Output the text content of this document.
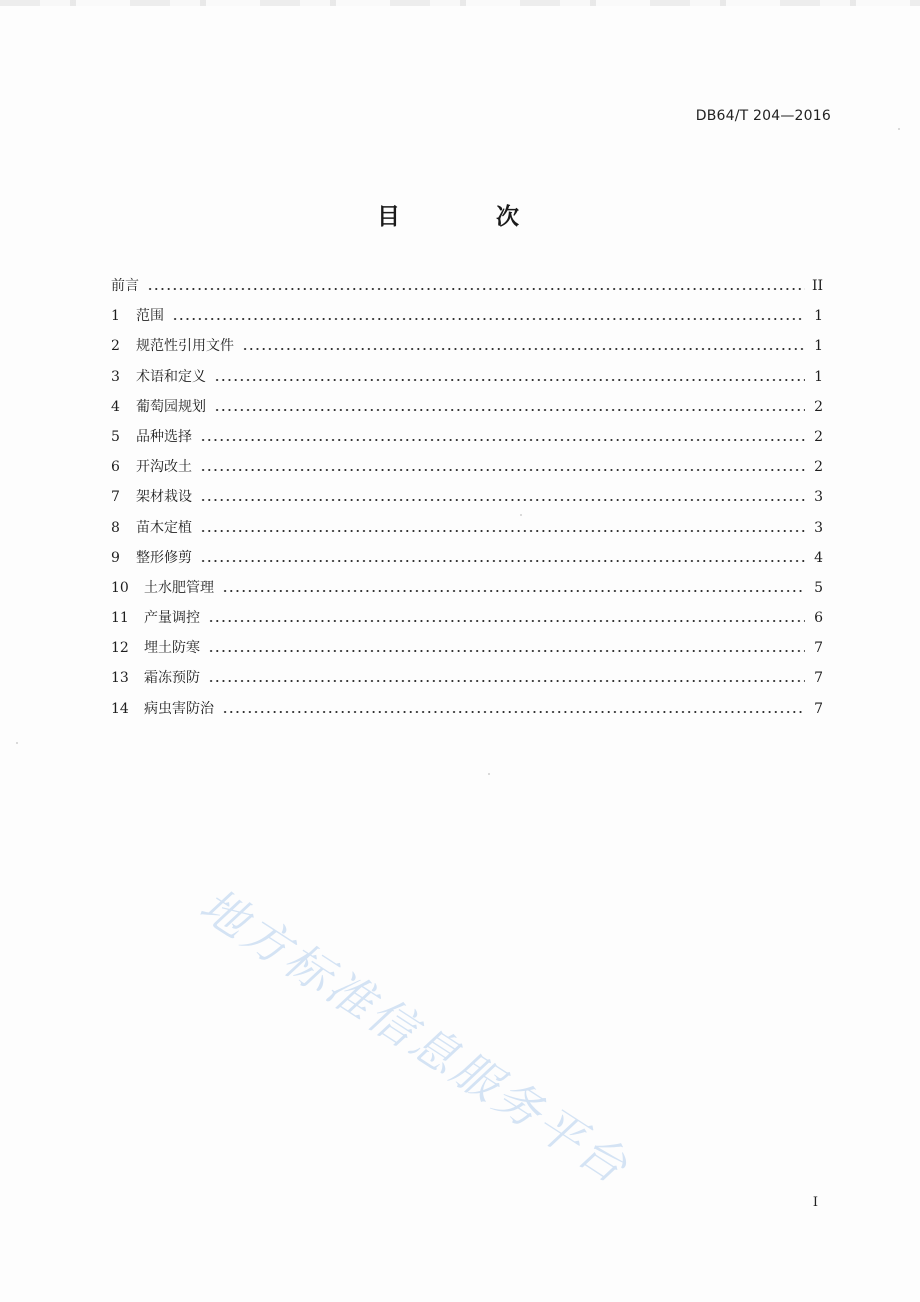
DB64/T 204—2016
目 次
前言	II
1	范围	1
2	规范性引用文件	1
3	术语和定义	1
4	葡萄园规划	2
5	品种选择	2
6	开沟改土	2
7	架材栽设	3
8	苗木定植	3
9	整形修剪	4
10	土水肥管理	5
11	产量调控	6
12	埋土防寒	7
13	霜冻预防	7
14	病虫害防治	7
地方标准信息服务平台
I
